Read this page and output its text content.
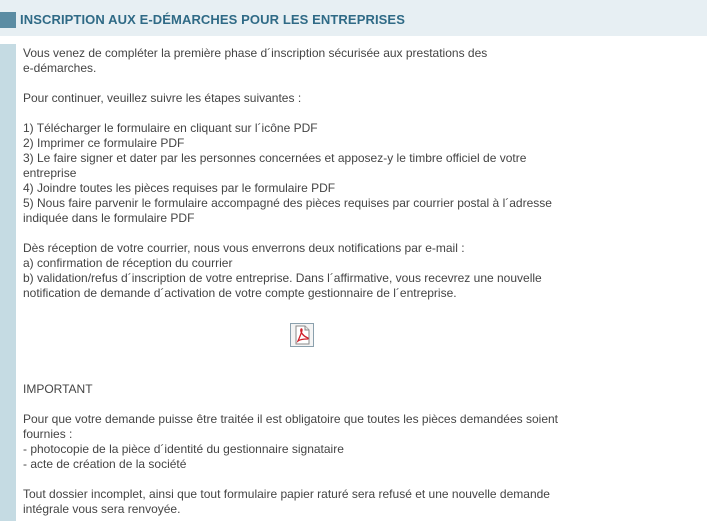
INSCRIPTION AUX E-DÉMARCHES POUR LES ENTREPRISES
Vous venez de compléter la première phase d´inscription sécurisée aux prestations des
e-démarches.
Pour continuer, veuillez suivre les étapes suivantes :
1) Télécharger le formulaire en cliquant sur l´icône PDF
2) Imprimer ce formulaire PDF
3) Le faire signer et dater par les personnes concernées et apposez-y le timbre officiel de votre
entreprise
4) Joindre toutes les pièces requises par le formulaire PDF
5) Nous faire parvenir le formulaire accompagné des pièces requises par courrier postal à l´adresse
indiquée dans le formulaire PDF
Dès réception de votre courrier, nous vous enverrons deux notifications par e-mail :
a) confirmation de réception du courrier
b) validation/refus d´inscription de votre entreprise. Dans l´affirmative, vous recevrez une nouvelle
notification de demande d´activation de votre compte gestionnaire de l´entreprise.
IMPORTANT
Pour que votre demande puisse être traitée il est obligatoire que toutes les pièces demandées soient
fournies :
- photocopie de la pièce d´identité du gestionnaire signataire
- acte de création de la société
Tout dossier incomplet, ainsi que tout formulaire papier raturé sera refusé et une nouvelle demande
intégrale vous sera renvoyée.
